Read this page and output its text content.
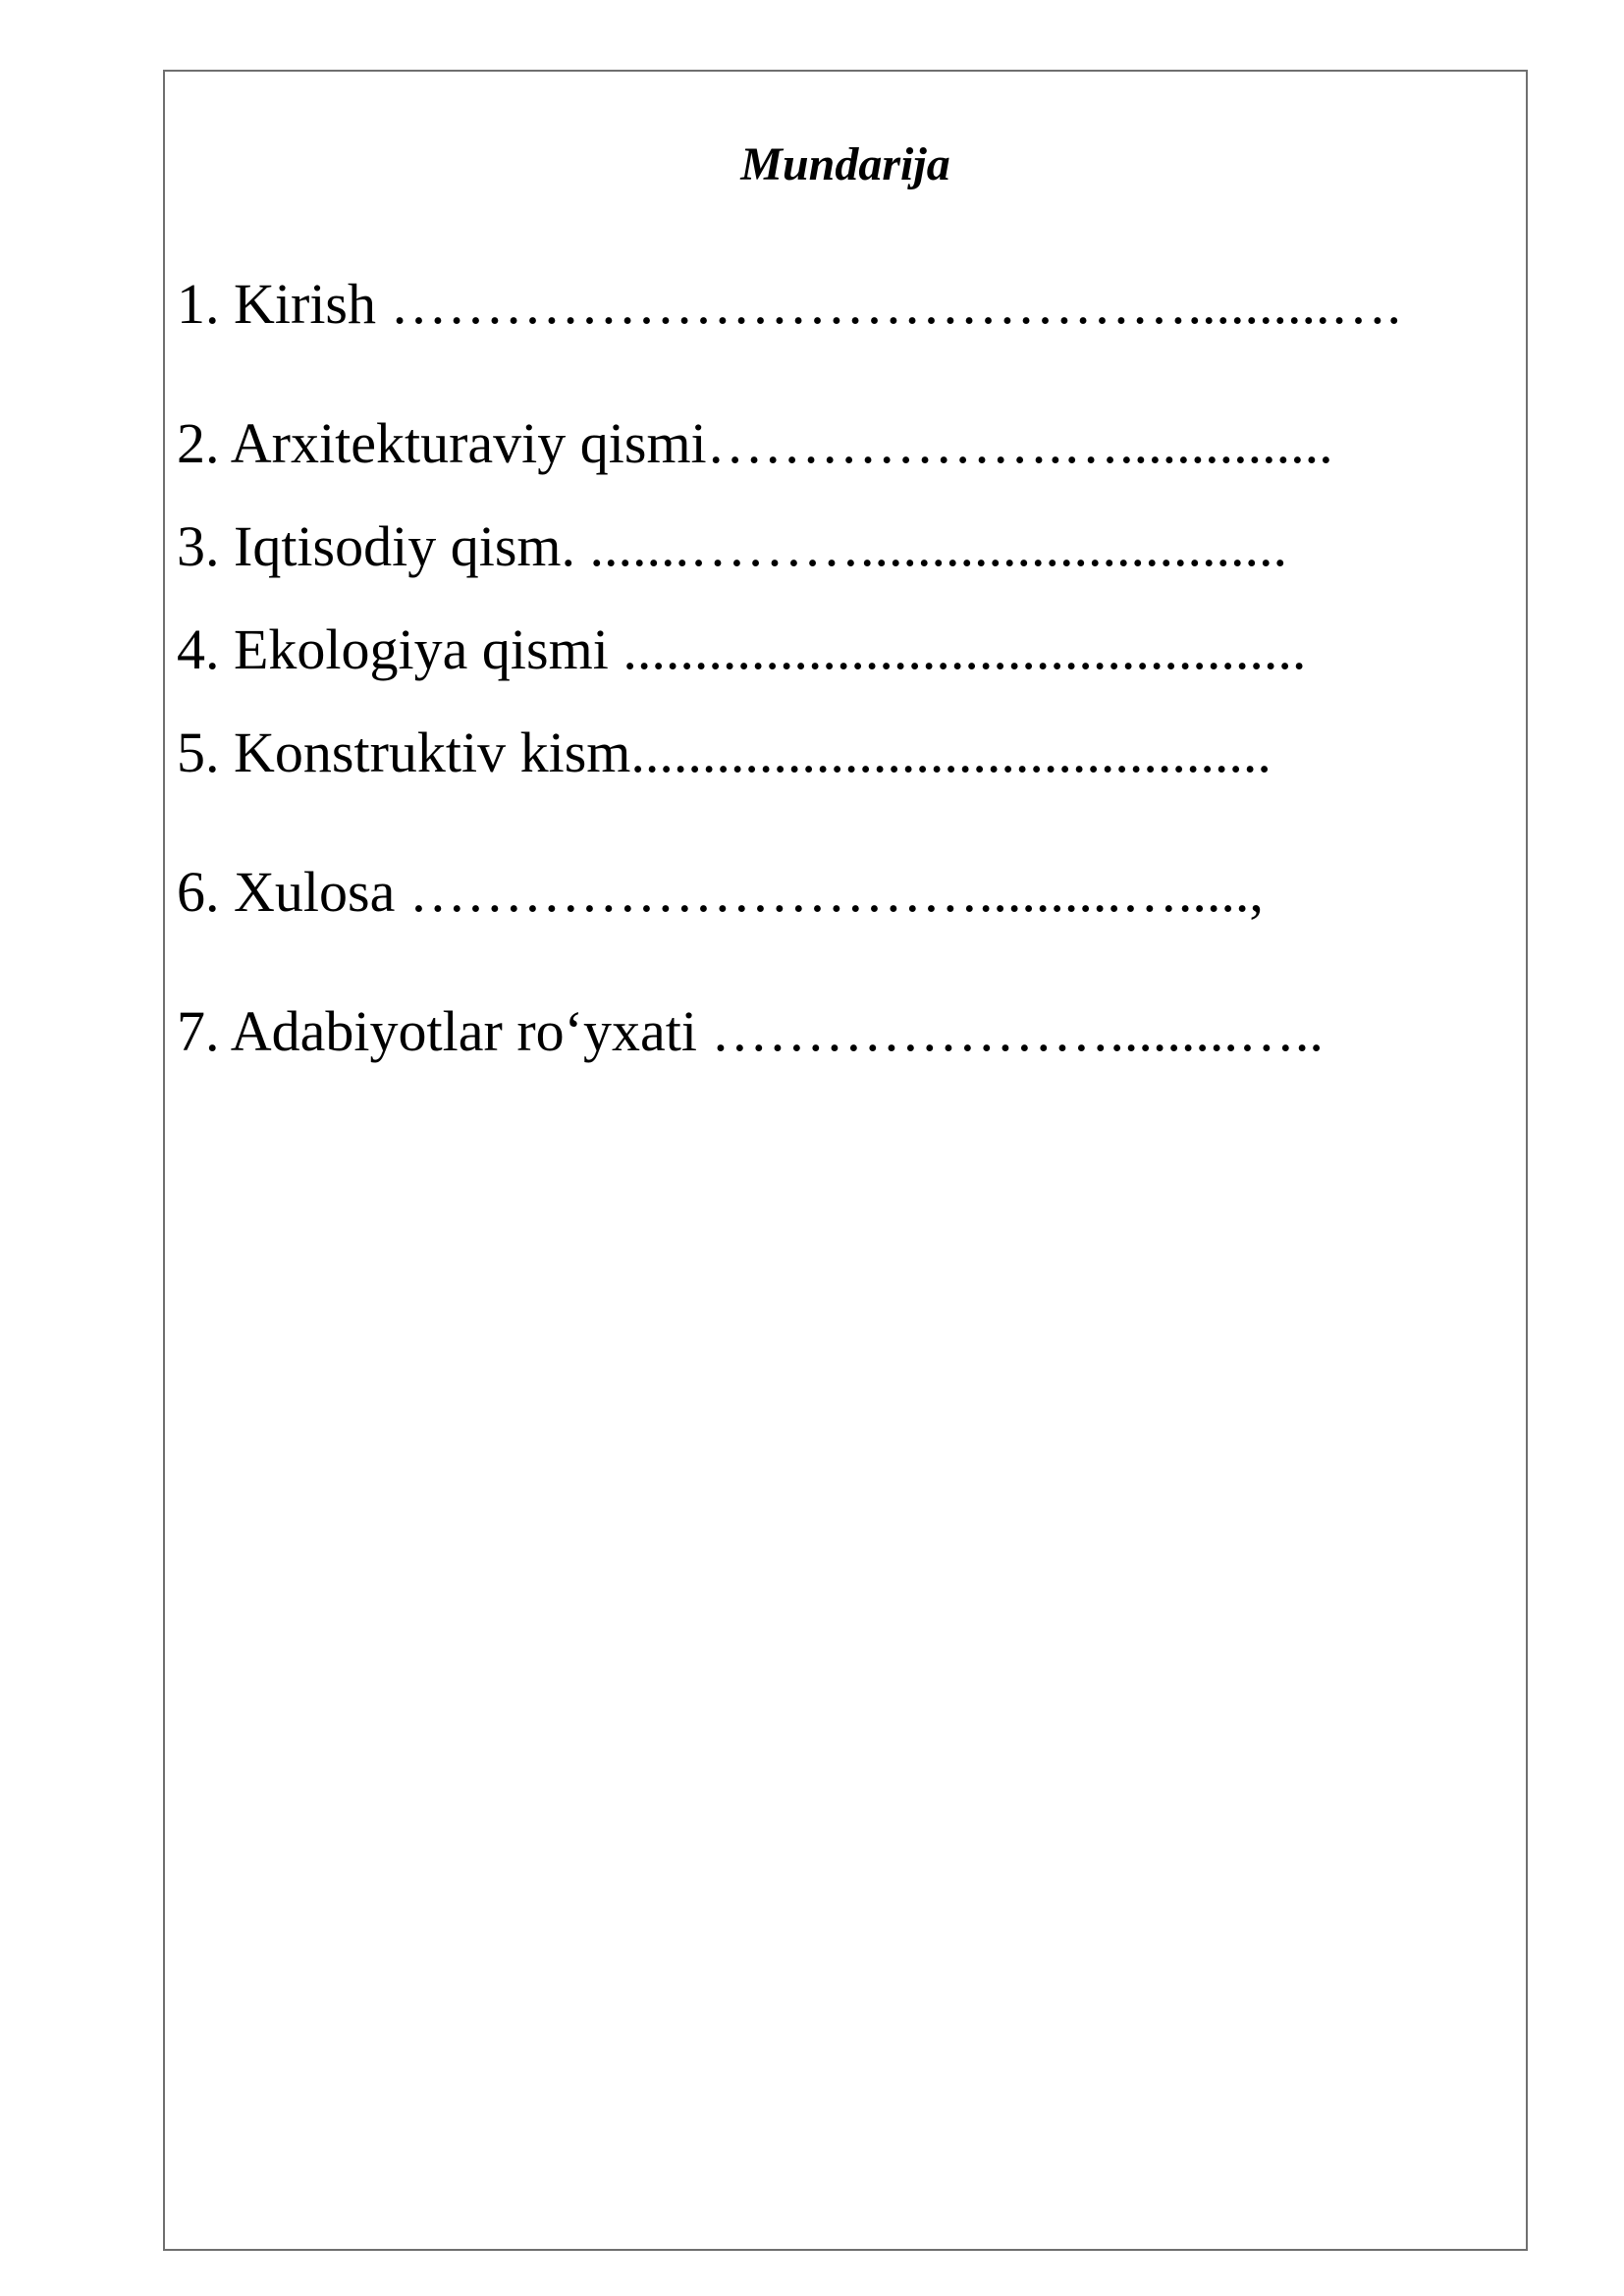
Mundarija
1. Kirish ……………………………………..........….
2. Arxitekturaviy qismi……………….…...............
3. Iqtisodiy qism. .......………..............................
4. Ekologiya qismi ................................................
5. Konstruktiv kism.............................................
6. Xulosa …………………………..........….....,
7. Adabiyotlar ro‘yxati ………………….........…..
